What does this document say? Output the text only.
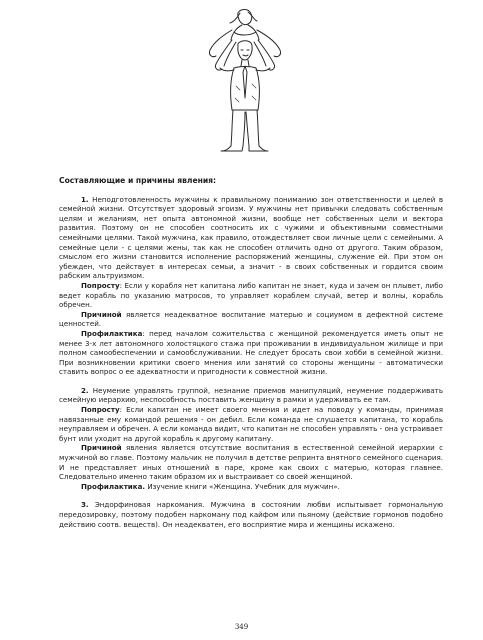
Составляющие и причины явления:

1. Неподготовленность мужчины к правильному пониманию зон ответственности и целей в семейной жизни. Отсутствует здоровый эгоизм. У мужчины нет привычки следовать собственным целям и желаниям, нет опыта автономной жизни, вообще нет собственных цели и вектора развития. Поэтому он не способен соотносить их с чужими и объективными совместными семейными целями. Такой мужчина, как правило, отождествляет свои личные цели с семейными. А семейные цели - с целями жены, так как не способен отличить одно от другого. Таким образом, смыслом его жизни становится исполнение распоряжений женщины, служение ей. При этом он убежден, что действует в интересах семьи, а значит - в своих собственных и гордится своим рабским альтруизмом.

Попросту: Если у корабля нет капитана либо капитан не знает, куда и зачем он плывет, либо ведет корабль по указанию матросов, то управляет кораблем случай, ветер и волны, корабль обречен.

Причиной является неадекватное воспитание матерью и социумом в дефектной системе ценностей.

Профилактика: перед началом сожительства с женщиной рекомендуется иметь опыт не менее 3-х лет автономного холостяцкого стажа при проживании в индивидуальном жилище и при полном самообеспечении и самообслуживании. Не следует бросать свои хобби в семейной жизни. При возникновении критики своего мнения или занятий со стороны женщины - автоматически ставить вопрос о ее адекватности и пригодности к совместной жизни.

2. Неумение управлять группой, незнание приемов манипуляций, неумение поддерживать семейную иерархию, неспособность поставить женщину в рамки и удерживать ее там.

Попросту: Если капитан не имеет своего мнения и идет на поводу у команды, принимая навязанные ему командой решения - он дебил. Если команда не слушается капитана, то корабль неуправляем и обречен. А если команда видит, что капитан не способен управлять - она устраивает бунт или уходит на другой корабль к другому капитану.

Причиной явления является отсутствие воспитания в естественной семейной иерархии с мужчиной во главе. Поэтому мальчик не получил в детстве репринта внятного семейного сценария. И не представляет иных отношений в паре, кроме как своих с матерью, которая главнее. Следовательно именно таким образом их и выстраивает со своей женщиной.

Профилактика. Изучение книги «Женщина. Учебник для мужчин».

3. Эндорфиновая наркомания. Мужчина в состоянии любви испытывает гормональную передозировку, поэтому подобен наркоману под кайфом или пьяному (действие гормонов подобно действию соотв. веществ). Он неадекватен, его восприятие мира и женщины искажено.

349
